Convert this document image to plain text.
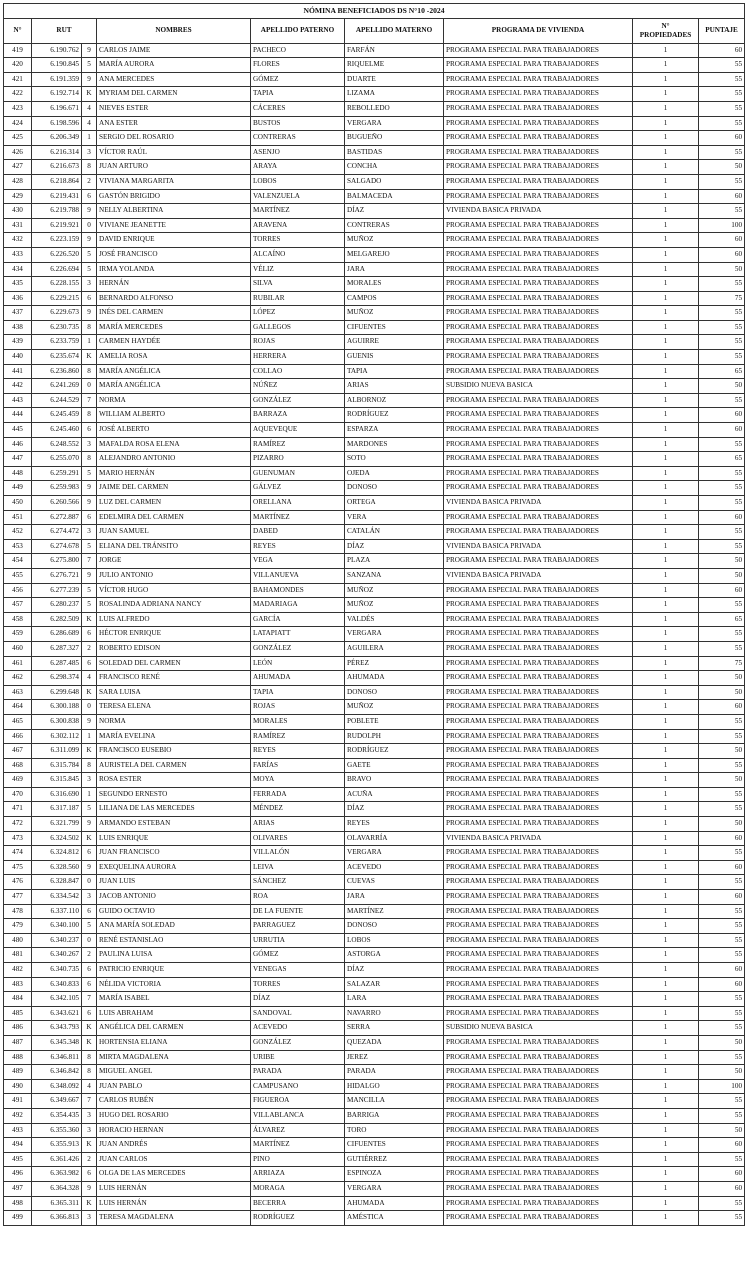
NÓMINA BENEFICIADOS DS N°10 -2024								
N°	RUT		NOMBRES	APELLIDO PATERNO	APELLIDO MATERNO	PROGRAMA DE VIVIENDA	N° PROPIEDADES	PUNTAJE
419	6.190.762	9	CARLOS JAIME	PACHECO	FARFÁN	PROGRAMA ESPECIAL PARA TRABAJADORES	1	60
420	6.190.845	5	MARÍA AURORA	FLORES	RIQUELME	PROGRAMA ESPECIAL PARA TRABAJADORES	1	55
421	6.191.359	9	ANA MERCEDES	GÓMEZ	DUARTE	PROGRAMA ESPECIAL PARA TRABAJADORES	1	55
422	6.192.714	K	MYRIAM DEL CARMEN	TAPIA	LIZAMA	PROGRAMA ESPECIAL PARA TRABAJADORES	1	55
423	6.196.671	4	NIEVES ESTER	CÁCERES	REBOLLEDO	PROGRAMA ESPECIAL PARA TRABAJADORES	1	55
424	6.198.596	4	ANA ESTER	BUSTOS	VERGARA	PROGRAMA ESPECIAL PARA TRABAJADORES	1	55
425	6.206.349	1	SERGIO DEL ROSARIO	CONTRERAS	BUGUEÑO	PROGRAMA ESPECIAL PARA TRABAJADORES	1	60
426	6.216.314	3	VÍCTOR RAÚL	ASENJO	BASTIDAS	PROGRAMA ESPECIAL PARA TRABAJADORES	1	55
427	6.216.673	8	JUAN ARTURO	ARAYA	CONCHA	PROGRAMA ESPECIAL PARA TRABAJADORES	1	50
428	6.218.864	2	VIVIANA MARGARITA	LOBOS	SALGADO	PROGRAMA ESPECIAL PARA TRABAJADORES	1	55
429	6.219.431	6	GASTÓN BRIGIDO	VALENZUELA	BALMACEDA	PROGRAMA ESPECIAL PARA TRABAJADORES	1	60
430	6.219.788	9	NELLY ALBERTINA	MARTÍNEZ	DÍAZ	VIVIENDA BASICA PRIVADA	1	55
431	6.219.921	0	VIVIANE JEANETTE	ARAVENA	CONTRERAS	PROGRAMA ESPECIAL PARA TRABAJADORES	1	100
432	6.223.159	9	DAVID ENRIQUE	TORRES	MUÑOZ	PROGRAMA ESPECIAL PARA TRABAJADORES	1	60
433	6.226.520	5	JOSÉ FRANCISCO	ALCAÍNO	MELGAREJO	PROGRAMA ESPECIAL PARA TRABAJADORES	1	60
434	6.226.694	5	IRMA YOLANDA	VÉLIZ	JARA	PROGRAMA ESPECIAL PARA TRABAJADORES	1	50
435	6.228.155	3	HERNÁN	SILVA	MORALES	PROGRAMA ESPECIAL PARA TRABAJADORES	1	55
436	6.229.215	6	BERNARDO ALFONSO	RUBILAR	CAMPOS	PROGRAMA ESPECIAL PARA TRABAJADORES	1	75
437	6.229.673	9	INÉS DEL CARMEN	LÓPEZ	MUÑOZ	PROGRAMA ESPECIAL PARA TRABAJADORES	1	55
438	6.230.735	8	MARÍA MERCEDES	GALLEGOS	CIFUENTES	PROGRAMA ESPECIAL PARA TRABAJADORES	1	55
439	6.233.759	1	CARMEN HAYDÉE	ROJAS	AGUIRRE	PROGRAMA ESPECIAL PARA TRABAJADORES	1	55
440	6.235.674	K	AMELIA ROSA	HERRERA	GUENIS	PROGRAMA ESPECIAL PARA TRABAJADORES	1	55
441	6.236.860	8	MARÍA ANGÉLICA	COLLAO	TAPIA	PROGRAMA ESPECIAL PARA TRABAJADORES	1	65
442	6.241.269	0	MARÍA ANGÉLICA	NÚÑEZ	ARIAS	SUBSIDIO NUEVA BASICA	1	50
443	6.244.529	7	NORMA	GONZÁLEZ	ALBORNOZ	PROGRAMA ESPECIAL PARA TRABAJADORES	1	55
444	6.245.459	8	WILLIAM ALBERTO	BARRAZA	RODRÍGUEZ	PROGRAMA ESPECIAL PARA TRABAJADORES	1	60
445	6.245.460	6	JOSÉ ALBERTO	AQUEVEQUE	ESPARZA	PROGRAMA ESPECIAL PARA TRABAJADORES	1	60
446	6.248.552	3	MAFALDA ROSA ELENA	RAMÍREZ	MARDONES	PROGRAMA ESPECIAL PARA TRABAJADORES	1	55
447	6.255.070	8	ALEJANDRO ANTONIO	PIZARRO	SOTO	PROGRAMA ESPECIAL PARA TRABAJADORES	1	65
448	6.259.291	5	MARIO HERNÁN	GUENUMAN	OJEDA	PROGRAMA ESPECIAL PARA TRABAJADORES	1	55
449	6.259.983	9	JAIME DEL CARMEN	GÁLVEZ	DONOSO	PROGRAMA ESPECIAL PARA TRABAJADORES	1	55
450	6.260.566	9	LUZ DEL CARMEN	ORELLANA	ORTEGA	VIVIENDA BASICA PRIVADA	1	55
451	6.272.887	6	EDELMIRA DEL CARMEN	MARTÍNEZ	VERA	PROGRAMA ESPECIAL PARA TRABAJADORES	1	60
452	6.274.472	3	JUAN SAMUEL	DABED	CATALÁN	PROGRAMA ESPECIAL PARA TRABAJADORES	1	55
453	6.274.678	5	ELIANA DEL TRÁNSITO	REYES	DÍAZ	VIVIENDA BASICA PRIVADA	1	55
454	6.275.800	7	JORGE	VEGA	PLAZA	PROGRAMA ESPECIAL PARA TRABAJADORES	1	50
455	6.276.721	9	JULIO ANTONIO	VILLANUEVA	SANZANA	VIVIENDA BASICA PRIVADA	1	50
456	6.277.239	5	VÍCTOR HUGO	BAHAMONDES	MUÑOZ	PROGRAMA ESPECIAL PARA TRABAJADORES	1	60
457	6.280.237	5	ROSALINDA ADRIANA NANCY	MADARIAGA	MUÑOZ	PROGRAMA ESPECIAL PARA TRABAJADORES	1	55
458	6.282.509	K	LUIS ALFREDO	GARCÍA	VALDÉS	PROGRAMA ESPECIAL PARA TRABAJADORES	1	65
459	6.286.689	6	HÉCTOR ENRIQUE	LATAPIATT	VERGARA	PROGRAMA ESPECIAL PARA TRABAJADORES	1	55
460	6.287.327	2	ROBERTO EDISON	GONZÁLEZ	AGUILERA	PROGRAMA ESPECIAL PARA TRABAJADORES	1	55
461	6.287.485	6	SOLEDAD DEL CARMEN	LEÓN	PÉREZ	PROGRAMA ESPECIAL PARA TRABAJADORES	1	75
462	6.298.374	4	FRANCISCO RENÉ	AHUMADA	AHUMADA	PROGRAMA ESPECIAL PARA TRABAJADORES	1	50
463	6.299.648	K	SARA LUISA	TAPIA	DONOSO	PROGRAMA ESPECIAL PARA TRABAJADORES	1	50
464	6.300.188	0	TERESA ELENA	ROJAS	MUÑOZ	PROGRAMA ESPECIAL PARA TRABAJADORES	1	60
465	6.300.838	9	NORMA	MORALES	POBLETE	PROGRAMA ESPECIAL PARA TRABAJADORES	1	55
466	6.302.112	1	MARÍA EVELINA	RAMÍREZ	RUDOLPH	PROGRAMA ESPECIAL PARA TRABAJADORES	1	55
467	6.311.099	K	FRANCISCO EUSEBIO	REYES	RODRÍGUEZ	PROGRAMA ESPECIAL PARA TRABAJADORES	1	50
468	6.315.784	8	AURISTELA DEL CARMEN	FARÍAS	GAETE	PROGRAMA ESPECIAL PARA TRABAJADORES	1	55
469	6.315.845	3	ROSA ESTER	MOYA	BRAVO	PROGRAMA ESPECIAL PARA TRABAJADORES	1	50
470	6.316.690	1	SEGUNDO ERNESTO	FERRADA	ACUÑA	PROGRAMA ESPECIAL PARA TRABAJADORES	1	55
471	6.317.187	5	LILIANA DE LAS MERCEDES	MÉNDEZ	DÍAZ	PROGRAMA ESPECIAL PARA TRABAJADORES	1	55
472	6.321.799	9	ARMANDO ESTEBAN	ARIAS	REYES	PROGRAMA ESPECIAL PARA TRABAJADORES	1	50
473	6.324.502	K	LUIS ENRIQUE	OLIVARES	OLAVARRÍA	VIVIENDA BASICA PRIVADA	1	60
474	6.324.812	6	JUAN FRANCISCO	VILLALÓN	VERGARA	PROGRAMA ESPECIAL PARA TRABAJADORES	1	55
475	6.328.560	9	EXEQUELINA AURORA	LEIVA	ACEVEDO	PROGRAMA ESPECIAL PARA TRABAJADORES	1	60
476	6.328.847	0	JUAN LUIS	SÁNCHEZ	CUEVAS	PROGRAMA ESPECIAL PARA TRABAJADORES	1	55
477	6.334.542	3	JACOB ANTONIO	ROA	JARA	PROGRAMA ESPECIAL PARA TRABAJADORES	1	60
478	6.337.110	6	GUIDO OCTAVIO	DE LA FUENTE	MARTÍNEZ	PROGRAMA ESPECIAL PARA TRABAJADORES	1	55
479	6.340.100	5	ANA MARÍA SOLEDAD	PARRAGUEZ	DONOSO	PROGRAMA ESPECIAL PARA TRABAJADORES	1	55
480	6.340.237	0	RENÉ ESTANISLAO	URRUTIA	LOBOS	PROGRAMA ESPECIAL PARA TRABAJADORES	1	55
481	6.340.267	2	PAULINA LUISA	GÓMEZ	ASTORGA	PROGRAMA ESPECIAL PARA TRABAJADORES	1	55
482	6.340.735	6	PATRICIO ENRIQUE	VENEGAS	DÍAZ	PROGRAMA ESPECIAL PARA TRABAJADORES	1	60
483	6.340.833	6	NÉLIDA VICTORIA	TORRES	SALAZAR	PROGRAMA ESPECIAL PARA TRABAJADORES	1	60
484	6.342.105	7	MARÍA ISABEL	DÍAZ	LARA	PROGRAMA ESPECIAL PARA TRABAJADORES	1	55
485	6.343.621	6	LUIS ABRAHAM	SANDOVAL	NAVARRO	PROGRAMA ESPECIAL PARA TRABAJADORES	1	55
486	6.343.793	K	ANGÉLICA DEL CARMEN	ACEVEDO	SERRA	SUBSIDIO NUEVA BASICA	1	55
487	6.345.348	K	HORTENSIA ELIANA	GONZÁLEZ	QUEZADA	PROGRAMA ESPECIAL PARA TRABAJADORES	1	50
488	6.346.811	8	MIRTA MAGDALENA	URIBE	JEREZ	PROGRAMA ESPECIAL PARA TRABAJADORES	1	55
489	6.346.842	8	MIGUEL ANGEL	PARADA	PARADA	PROGRAMA ESPECIAL PARA TRABAJADORES	1	50
490	6.348.092	4	JUAN PABLO	CAMPUSANO	HIDALGO	PROGRAMA ESPECIAL PARA TRABAJADORES	1	100
491	6.349.667	7	CARLOS RUBÉN	FIGUEROA	MANCILLA	PROGRAMA ESPECIAL PARA TRABAJADORES	1	55
492	6.354.435	3	HUGO DEL ROSARIO	VILLABLANCA	BARRIGA	PROGRAMA ESPECIAL PARA TRABAJADORES	1	55
493	6.355.360	3	HORACIO HERNAN	ÁLVAREZ	TORO	PROGRAMA ESPECIAL PARA TRABAJADORES	1	50
494	6.355.913	K	JUAN ANDRÉS	MARTÍNEZ	CIFUENTES	PROGRAMA ESPECIAL PARA TRABAJADORES	1	60
495	6.361.426	2	JUAN CARLOS	PINO	GUTIÉRREZ	PROGRAMA ESPECIAL PARA TRABAJADORES	1	55
496	6.363.982	6	OLGA DE LAS MERCEDES	ARRIAZA	ESPINOZA	PROGRAMA ESPECIAL PARA TRABAJADORES	1	60
497	6.364.328	9	LUIS HERNÁN	MORAGA	VERGARA	PROGRAMA ESPECIAL PARA TRABAJADORES	1	60
498	6.365.311	K	LUIS HERNÁN	BECERRA	AHUMADA	PROGRAMA ESPECIAL PARA TRABAJADORES	1	55
499	6.366.813	3	TERESA MAGDALENA	RODRÍGUEZ	AMÉSTICA	PROGRAMA ESPECIAL PARA TRABAJADORES	1	55
